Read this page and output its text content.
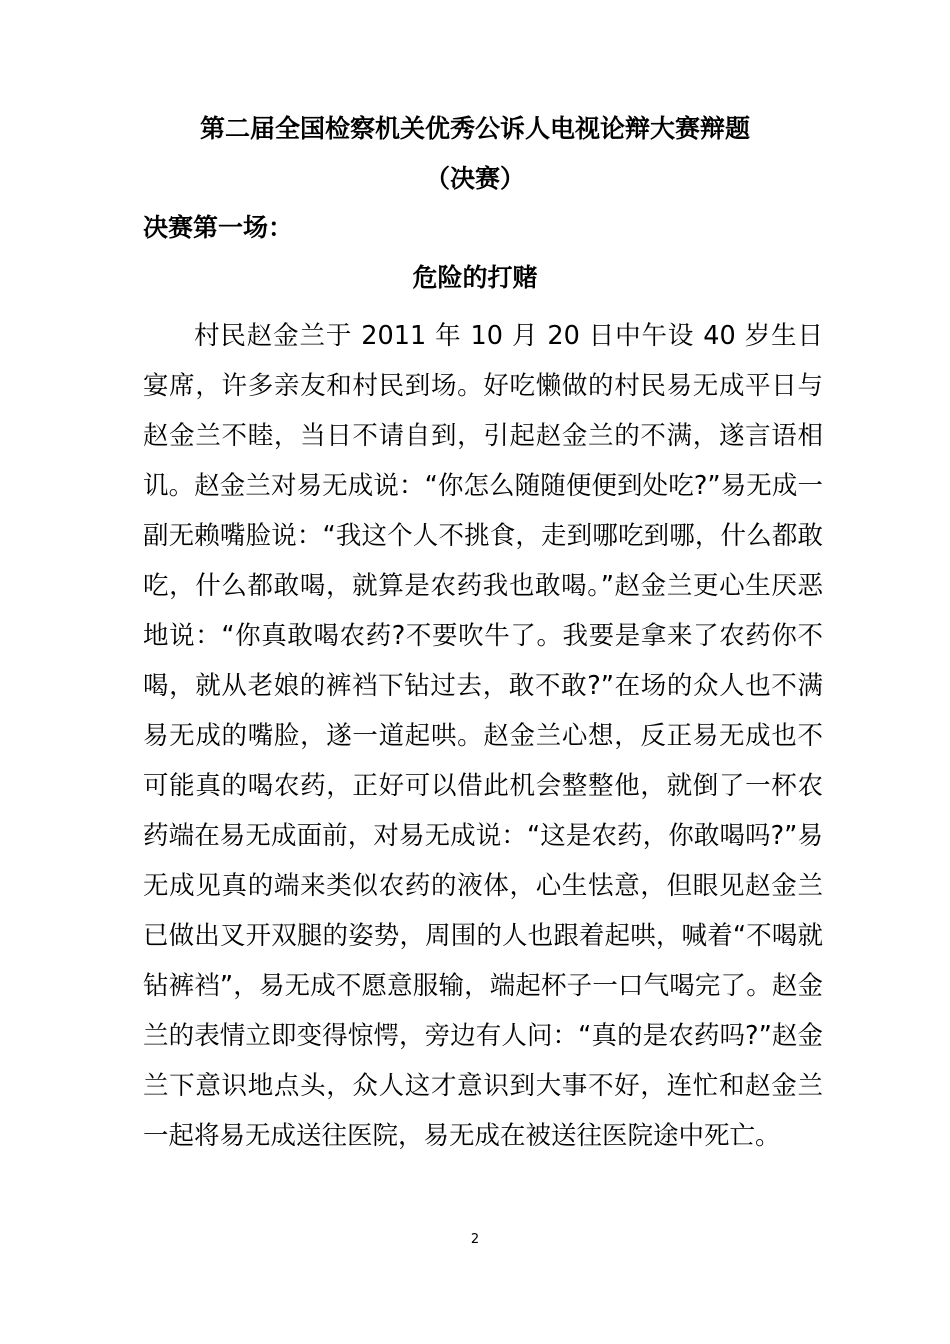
第二届全国检察机关优秀公诉人电视论辩大赛辩题
（决赛）
决赛第一场：
危险的打赌

村民赵金兰于 2011 年 10 月 20 日中午设 40 岁生日宴席，许多亲友和村民到场。好吃懒做的村民易无成平日与赵金兰不睦，当日不请自到，引起赵金兰的不满，遂言语相讥。赵金兰对易无成说：“你怎么随随便便到处吃?”易无成一副无赖嘴脸说：“我这个人不挑食，走到哪吃到哪，什么都敢吃，什么都敢喝，就算是农药我也敢喝。”赵金兰更心生厌恶地说：“你真敢喝农药?不要吹牛了。我要是拿来了农药你不喝，就从老娘的裤裆下钻过去，敢不敢?”在场的众人也不满易无成的嘴脸，遂一道起哄。赵金兰心想，反正易无成也不可能真的喝农药，正好可以借此机会整整他，就倒了一杯农药端在易无成面前，对易无成说：“这是农药，你敢喝吗?”易无成见真的端来类似农药的液体，心生怯意，但眼见赵金兰已做出叉开双腿的姿势，周围的人也跟着起哄，喊着“不喝就钻裤裆”，易无成不愿意服输，端起杯子一口气喝完了。赵金兰的表情立即变得惊愕，旁边有人问：“真的是农药吗?”赵金兰下意识地点头，众人这才意识到大事不好，连忙和赵金兰一起将易无成送往医院，易无成在被送往医院途中死亡。

2
